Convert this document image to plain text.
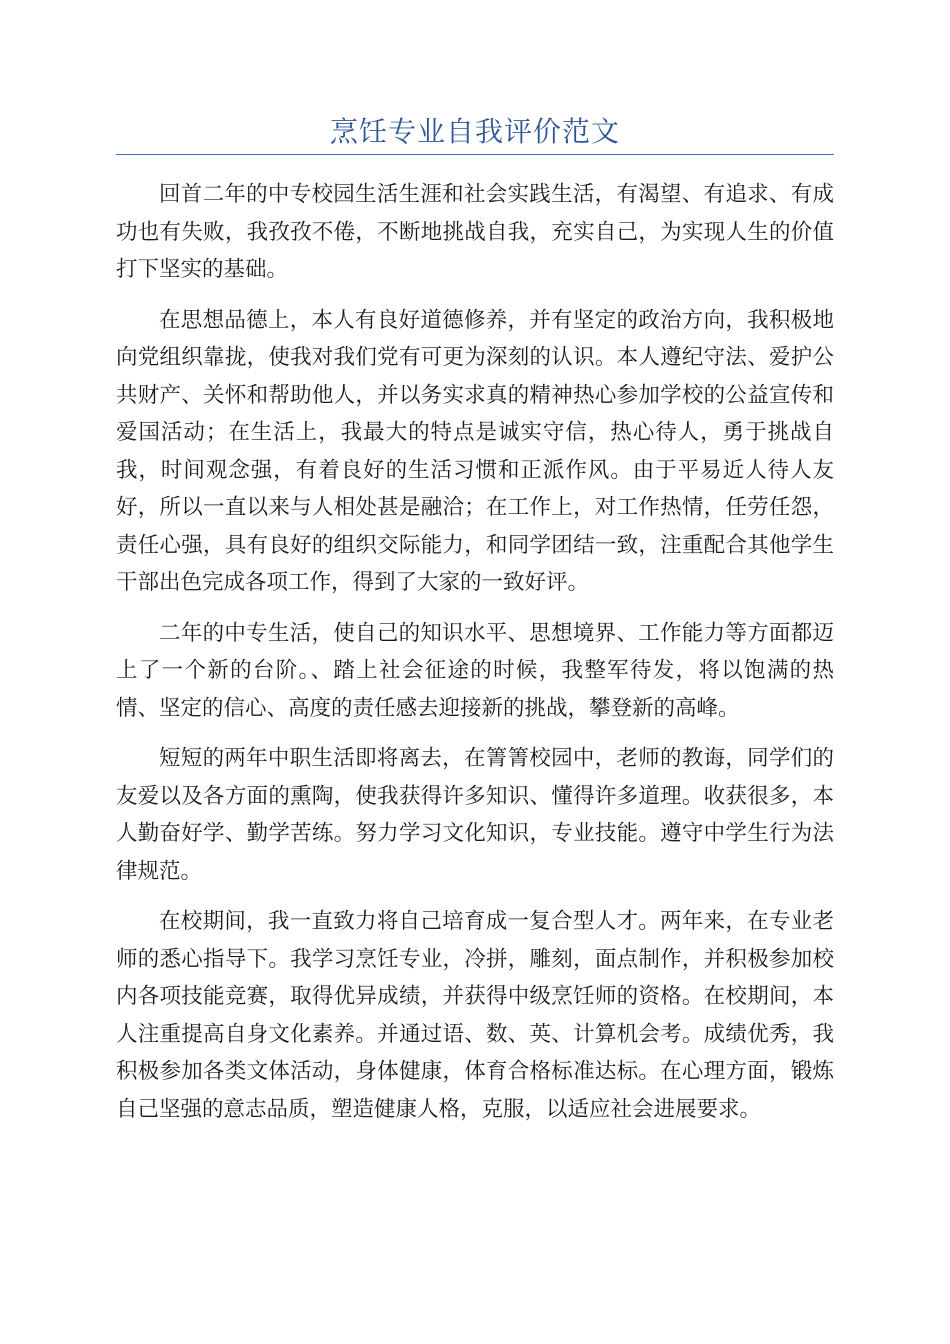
烹饪专业自我评价范文

回首二年的中专校园生活生涯和社会实践生活，有渴望、有追求、有成功也有失败，我孜孜不倦，不断地挑战自我，充实自己，为实现人生的价值打下坚实的基础。

在思想品德上，本人有良好道德修养，并有坚定的政治方向，我积极地向党组织靠拢，使我对我们党有可更为深刻的认识。本人遵纪守法、爱护公共财产、关怀和帮助他人，并以务实求真的精神热心参加学校的公益宣传和爱国活动；在生活上，我最大的特点是诚实守信，热心待人，勇于挑战自我，时间观念强，有着良好的生活习惯和正派作风。由于平易近人待人友好，所以一直以来与人相处甚是融洽；在工作上，对工作热情，任劳任怨，责任心强，具有良好的组织交际能力，和同学团结一致，注重配合其他学生干部出色完成各项工作，得到了大家的一致好评。

二年的中专生活，使自己的知识水平、思想境界、工作能力等方面都迈上了一个新的台阶。、踏上社会征途的时候，我整军待发，将以饱满的热情、坚定的信心、高度的责任感去迎接新的挑战，攀登新的高峰。

短短的两年中职生活即将离去，在箐箐校园中，老师的教诲，同学们的友爱以及各方面的熏陶，使我获得许多知识、懂得许多道理。收获很多，本人勤奋好学、勤学苦练。努力学习文化知识，专业技能。遵守中学生行为法律规范。

在校期间，我一直致力将自己培育成一复合型人才。两年来，在专业老师的悉心指导下。我学习烹饪专业，冷拼，雕刻，面点制作，并积极参加校内各项技能竞赛，取得优异成绩，并获得中级烹饪师的资格。在校期间，本人注重提高自身文化素养。并通过语、数、英、计算机会考。成绩优秀，我积极参加各类文体活动，身体健康，体育合格标准达标。在心理方面，锻炼自己坚强的意志品质，塑造健康人格，克服，以适应社会进展要求。
